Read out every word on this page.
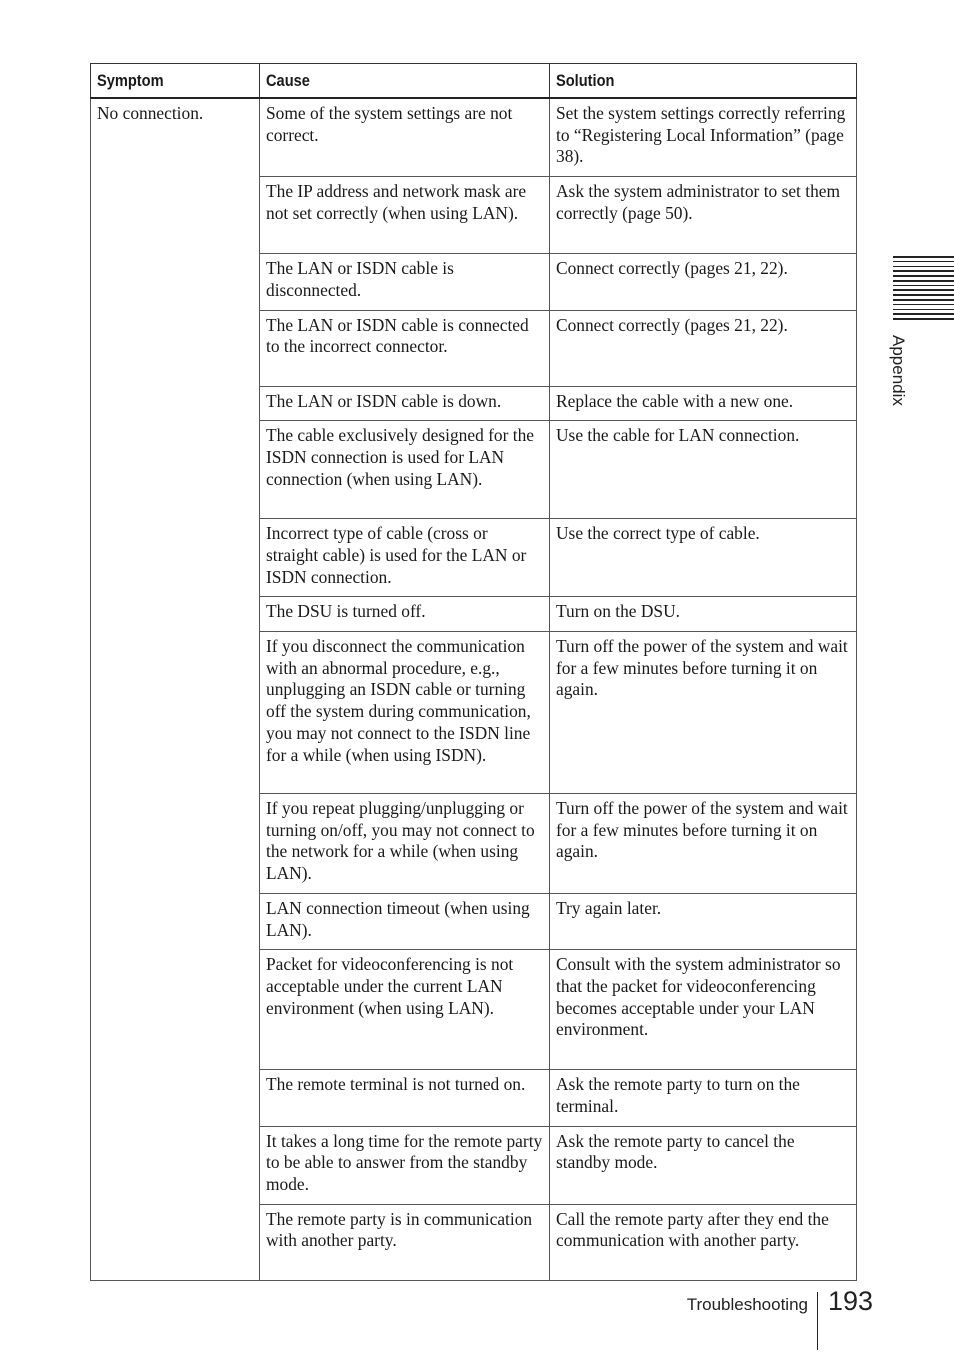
Symptom	Cause	Solution
No connection.	Some of the system settings are not correct.	Set the system settings correctly referring to “Registering Local Information” (page 38).
	The IP address and network mask are not set correctly (when using LAN).	Ask the system administrator to set them correctly (page 50).
	The LAN or ISDN cable is disconnected.	Connect correctly (pages 21, 22).
	The LAN or ISDN cable is connected to the incorrect connector.	Connect correctly (pages 21, 22).
	The LAN or ISDN cable is down.	Replace the cable with a new one.
	The cable exclusively designed for the ISDN connection is used for LAN connection (when using LAN).	Use the cable for LAN connection.
	Incorrect type of cable (cross or straight cable) is used for the LAN or ISDN connection.	Use the correct type of cable.
	The DSU is turned off.	Turn on the DSU.
	If you disconnect the communication with an abnormal procedure, e.g., unplugging an ISDN cable or turning off the system during communication, you may not connect to the ISDN line for a while (when using ISDN).	Turn off the power of the system and wait for a few minutes before turning it on again.
	If you repeat plugging/unplugging or turning on/off, you may not connect to the network for a while (when using LAN).	Turn off the power of the system and wait for a few minutes before turning it on again.
	LAN connection timeout (when using LAN).	Try again later.
	Packet for videoconferencing is not acceptable under the current LAN environment (when using LAN).	Consult with the system administrator so that the packet for videoconferencing becomes acceptable under your LAN environment.
	The remote terminal is not turned on.	Ask the remote party to turn on the terminal.
	It takes a long time for the remote party to be able to answer from the standby mode.	Ask the remote party to cancel the standby mode.
	The remote party is in communication with another party.	Call the remote party after they end the communication with another party.
Appendix
Troubleshooting 193
